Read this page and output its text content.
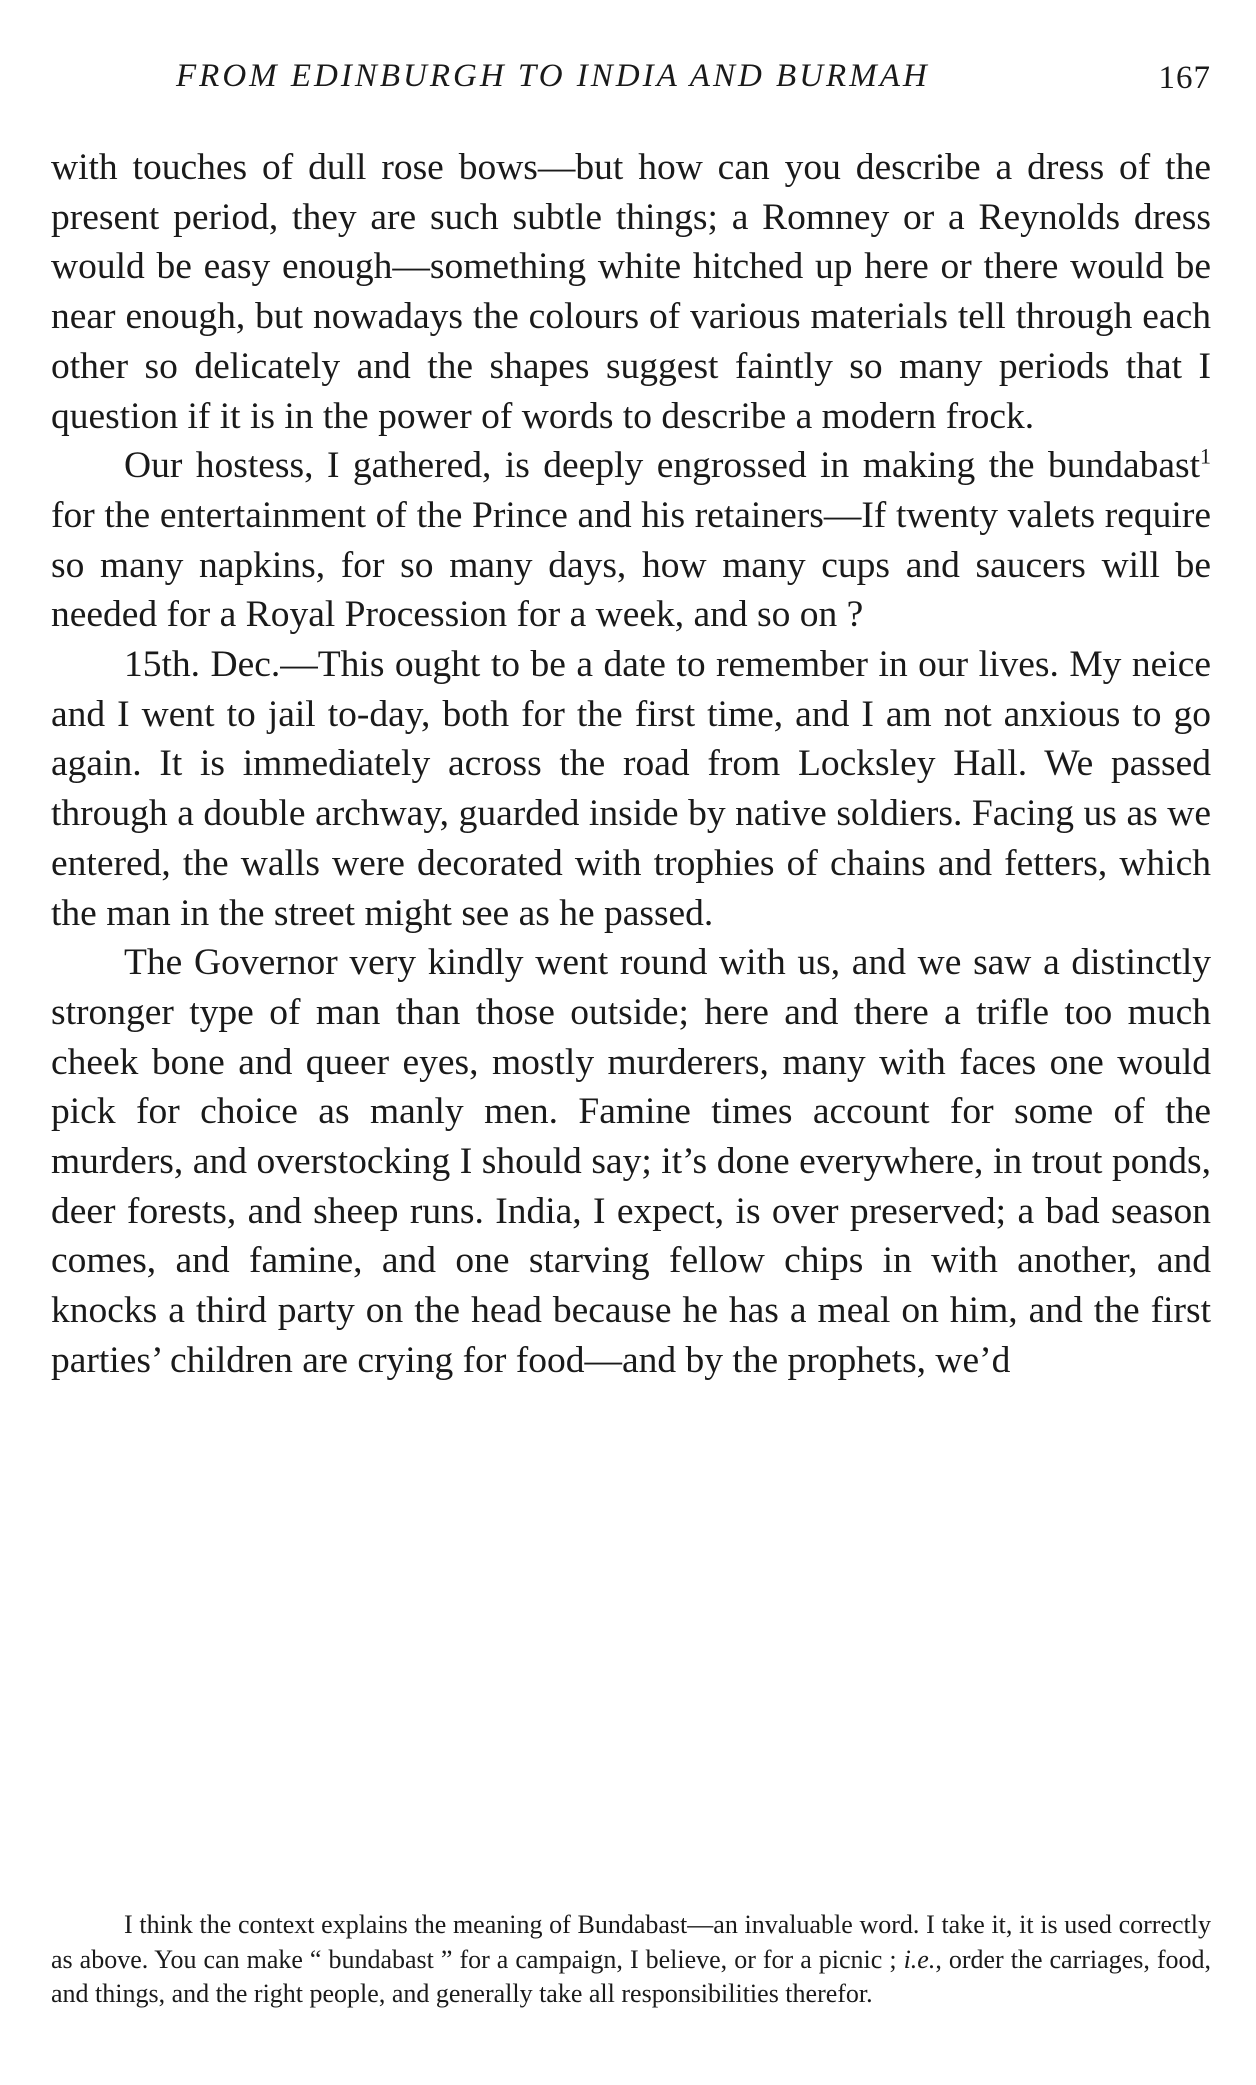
FROM EDINBURGH TO INDIA AND BURMAH	167

with touches of dull rose bows—but how can you describe a dress of the present period, they are such subtle things; a Romney or a Reynolds dress would be easy enough—something white hitched up here or there would be near enough, but nowadays the colours of various materials tell through each other so delicately and the shapes suggest faintly so many periods that I question if it is in the power of words to describe a modern frock.

Our hostess, I gathered, is deeply engrossed in making the bundabast$^1$ for the entertainment of the Prince and his retainers—If twenty valets require so many napkins, for so many days, how many cups and saucers will be needed for a Royal Procession for a week, and so on ?

15th. Dec.—This ought to be a date to remember in our lives. My neice and I went to jail to-day, both for the first time, and I am not anxious to go again. It is immediately across the road from Locksley Hall. We passed through a double archway, guarded inside by native soldiers. Facing us as we entered, the walls were decorated with trophies of chains and fetters, which the man in the street might see as he passed.

The Governor very kindly went round with us, and we saw a distinctly stronger type of man than those outside; here and there a trifle too much cheek bone and queer eyes, mostly murderers, many with faces one would pick for choice as manly men. Famine times account for some of the murders, and overstocking I should say; it’s done everywhere, in trout ponds, deer forests, and sheep runs. India, I expect, is over preserved; a bad season comes, and famine, and one starving fellow chips in with another, and knocks a third party on the head because he has a meal on him, and the first parties’ children are crying for food—and by the prophets, we’d

I think the context explains the meaning of Bundabast—an invaluable word. I take it, it is used correctly as above. You can make “ bundabast ” for a campaign, I believe, or for a picnic ; i.e., order the carriages, food, and things, and the right people, and generally take all responsibilities therefor.
